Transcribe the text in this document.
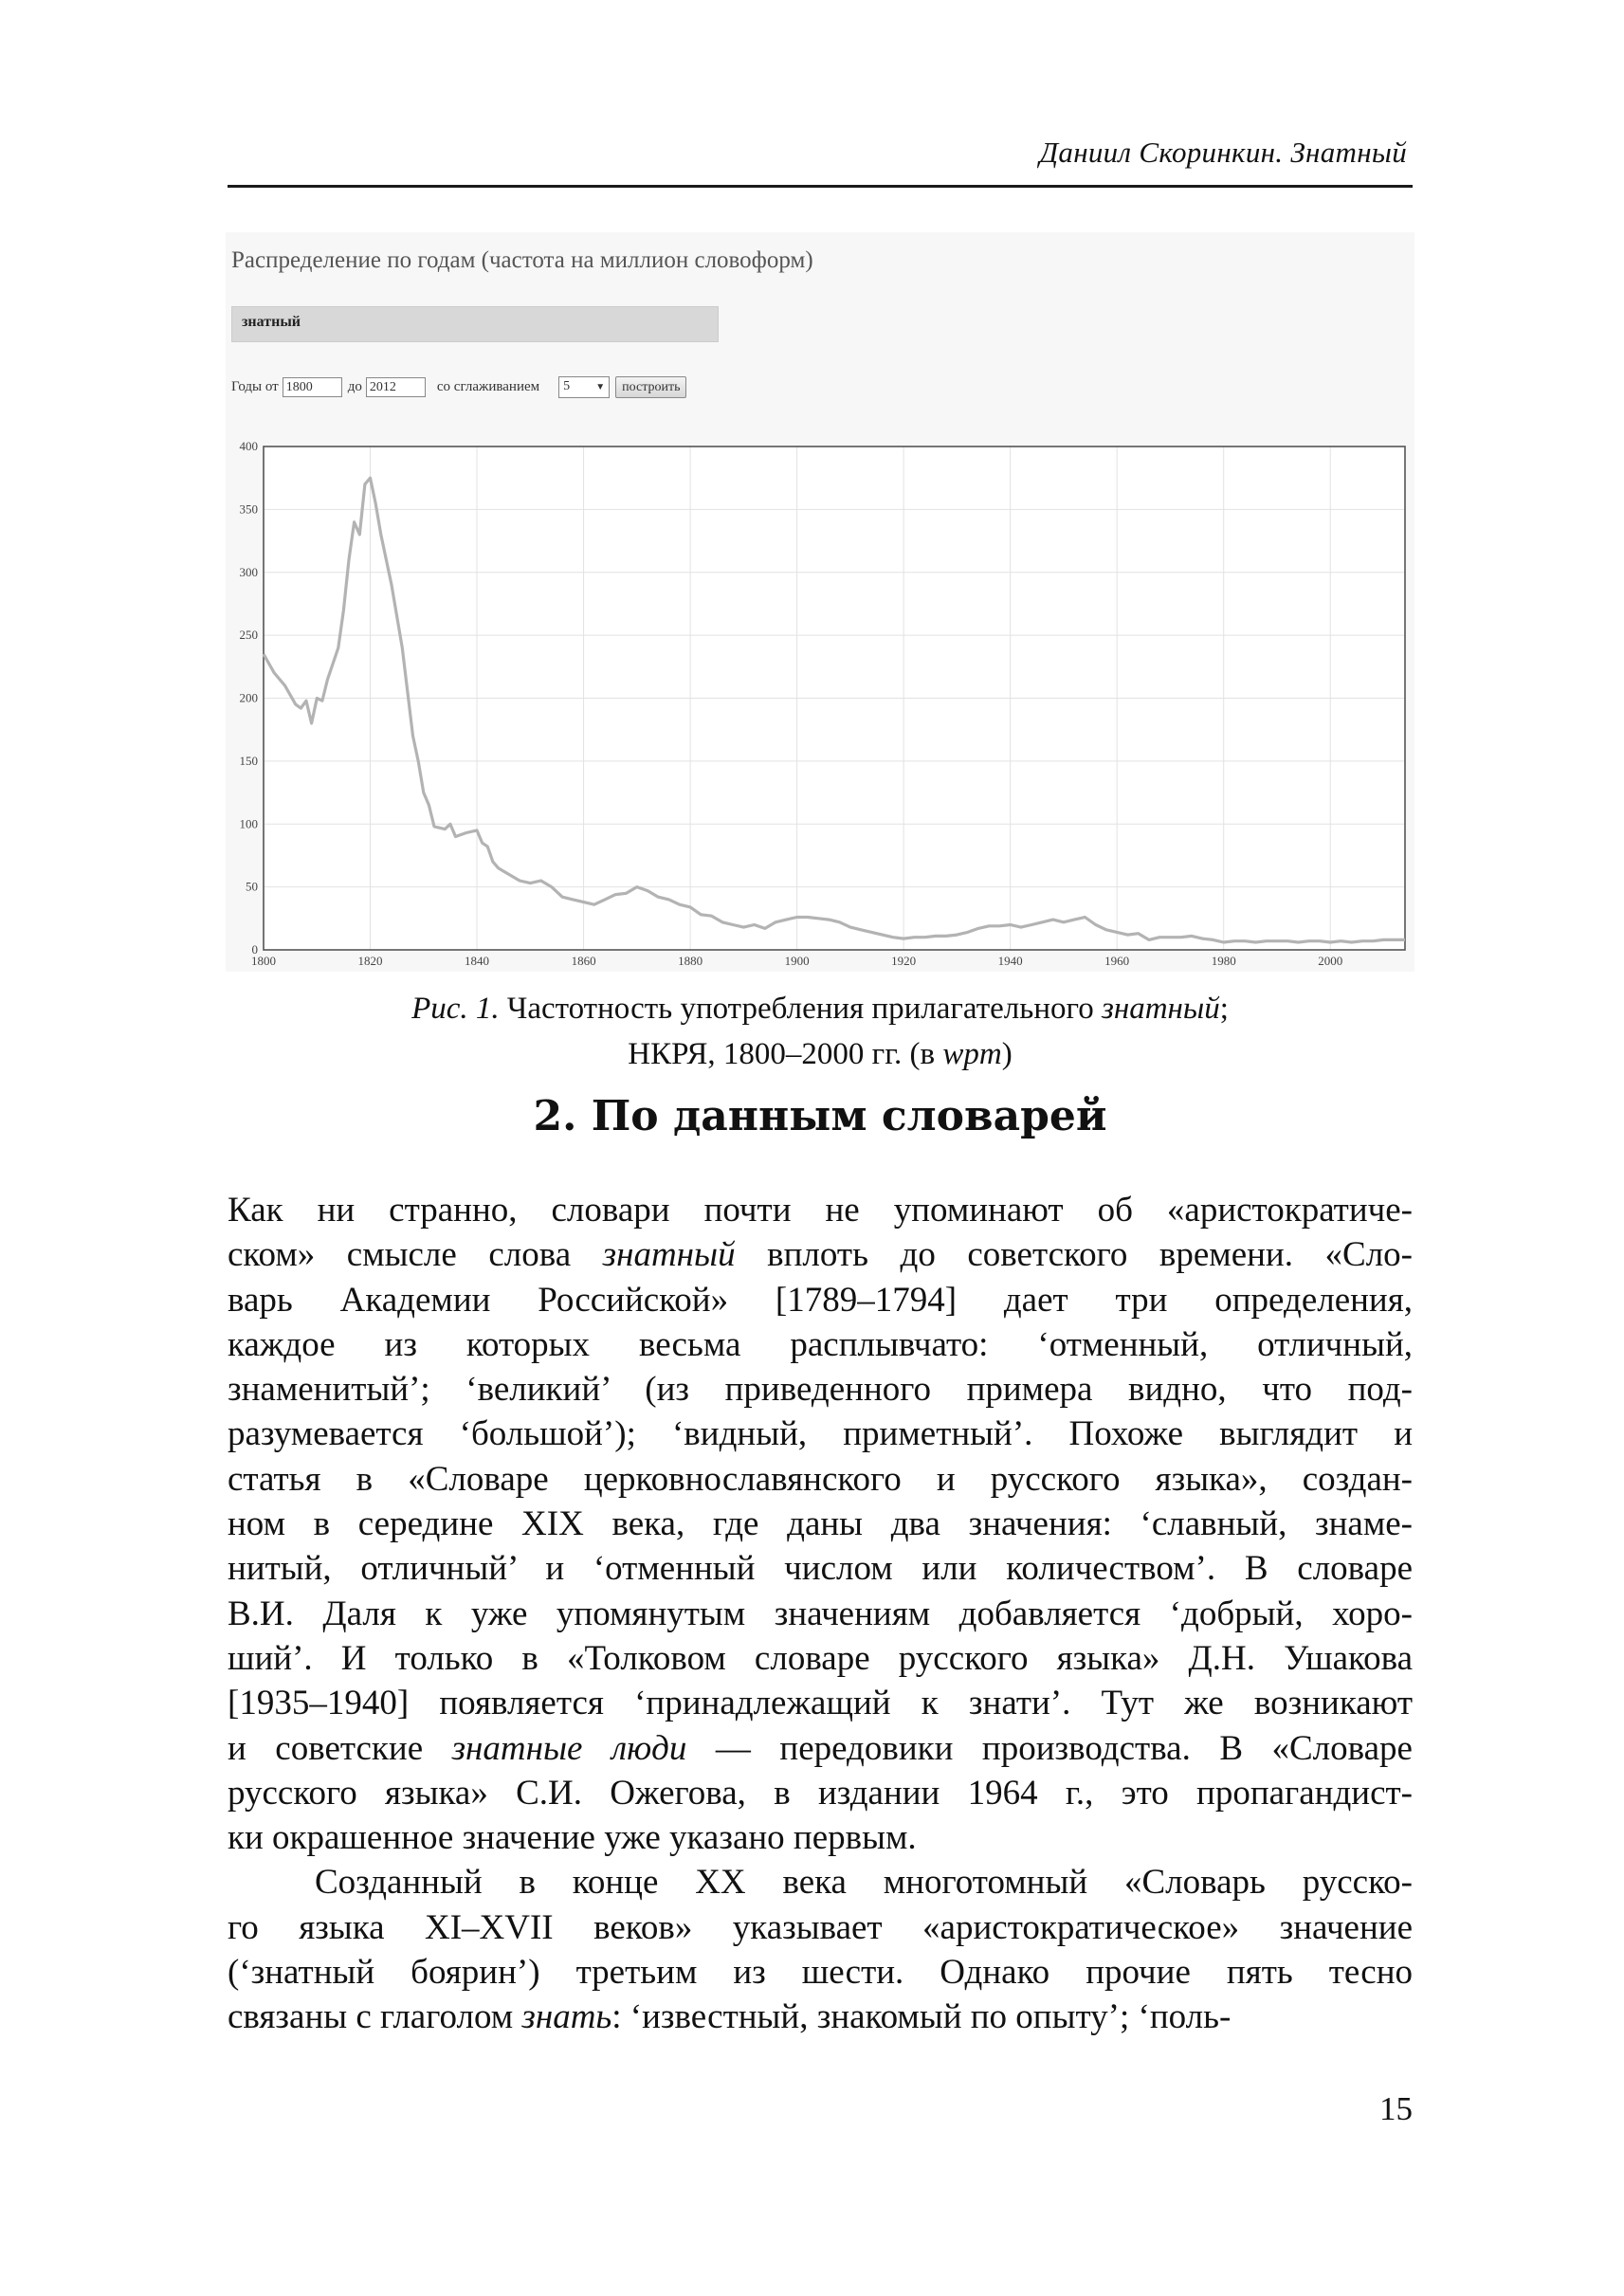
Даниил Скоринкин. Знатный
Распределение по годам (частота на миллион словоформ)
знатный
Годы от 1800	до 2012	со сглаживанием 5	▼	построить
1800	1820	1840	1860	1880	1900	1920	1940	1960	1980	2000
0
50
100
150
200
250
300
350
400
Рис. 1. Частотность употребления прилагательного знатный;
НКРЯ, 1800–2000 гг. (в wpm)
2. По данным словарей
Как ни странно, словари почти не упоминают об «аристократиче-
ском» смысле слова знатный вплоть до советского времени. «Сло-
варь Академии Российской» [1789–1794] дает три определения,
каждое из которых весьма расплывчато: ‘отменный, отличный,
знаменитый’; ‘великий’ (из приведенного примера видно, что под-
разумевается ‘большой’); ‘видный, приметный’. Похоже выглядит и
статья в «Словаре церковнославянского и русского языка», создан-
ном в середине XIX века, где даны два значения: ‘славный, знаме-
нитый, отличный’ и ‘отменный числом или количеством’. В словаре
В.И. Даля к уже упомянутым значениям добавляется ‘добрый, хоро-
ший’. И только в «Толковом словаре русского языка» Д.Н. Ушакова
[1935–1940] появляется ‘принадлежащий к знати’. Тут же возникают
и советские знатные люди — передовики производства. В «Словаре
русского языка» С.И. Ожегова, в издании 1964 г., это пропагандист-
ки окрашенное значение уже указано первым.
Созданный в конце XX века многотомный «Словарь русско-
го языка XI–XVII веков» указывает «аристократическое» значение
(‘знатный боярин’) третьим из шести. Однако прочие пять тесно
связаны с глаголом знать: ‘известный, знакомый по опыту’; ‘поль-
15
